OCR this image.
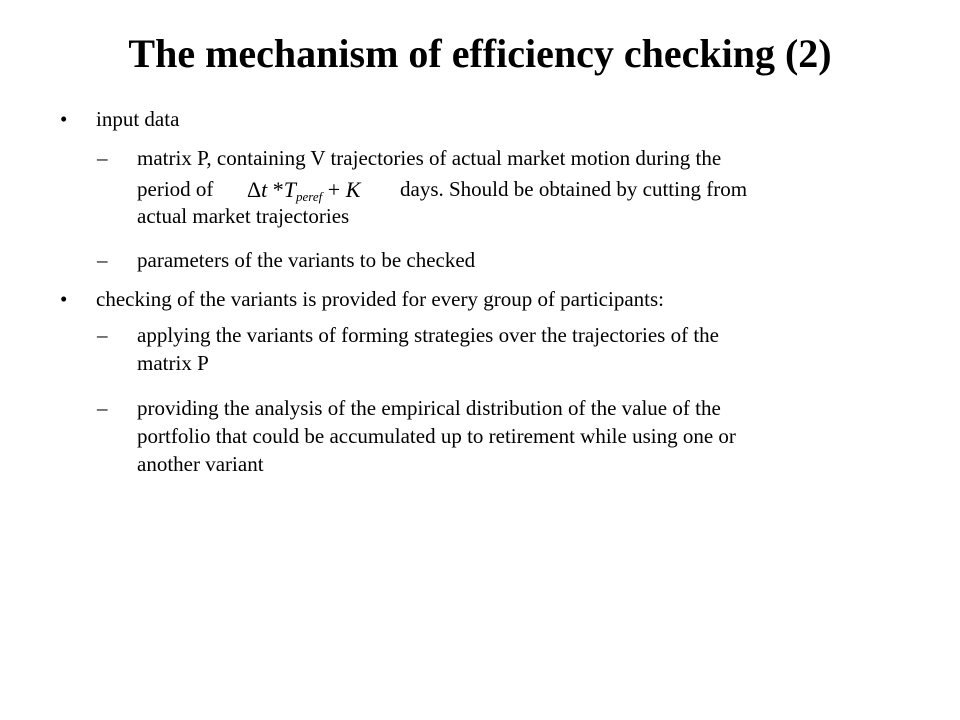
The mechanism of efficiency checking (2)
• input data
– matrix P, containing V trajectories of actual market motion during the
period of Δt $*T_{peref} + K$ days. Should be obtained by cutting from
actual market trajectories
– parameters of the variants to be checked
• checking of the variants is provided for every group of participants:
– applying the variants of forming strategies over the trajectories of the
matrix P
– providing the analysis of the empirical distribution of the value of the
portfolio that could be accumulated up to retirement while using one or
another variant
